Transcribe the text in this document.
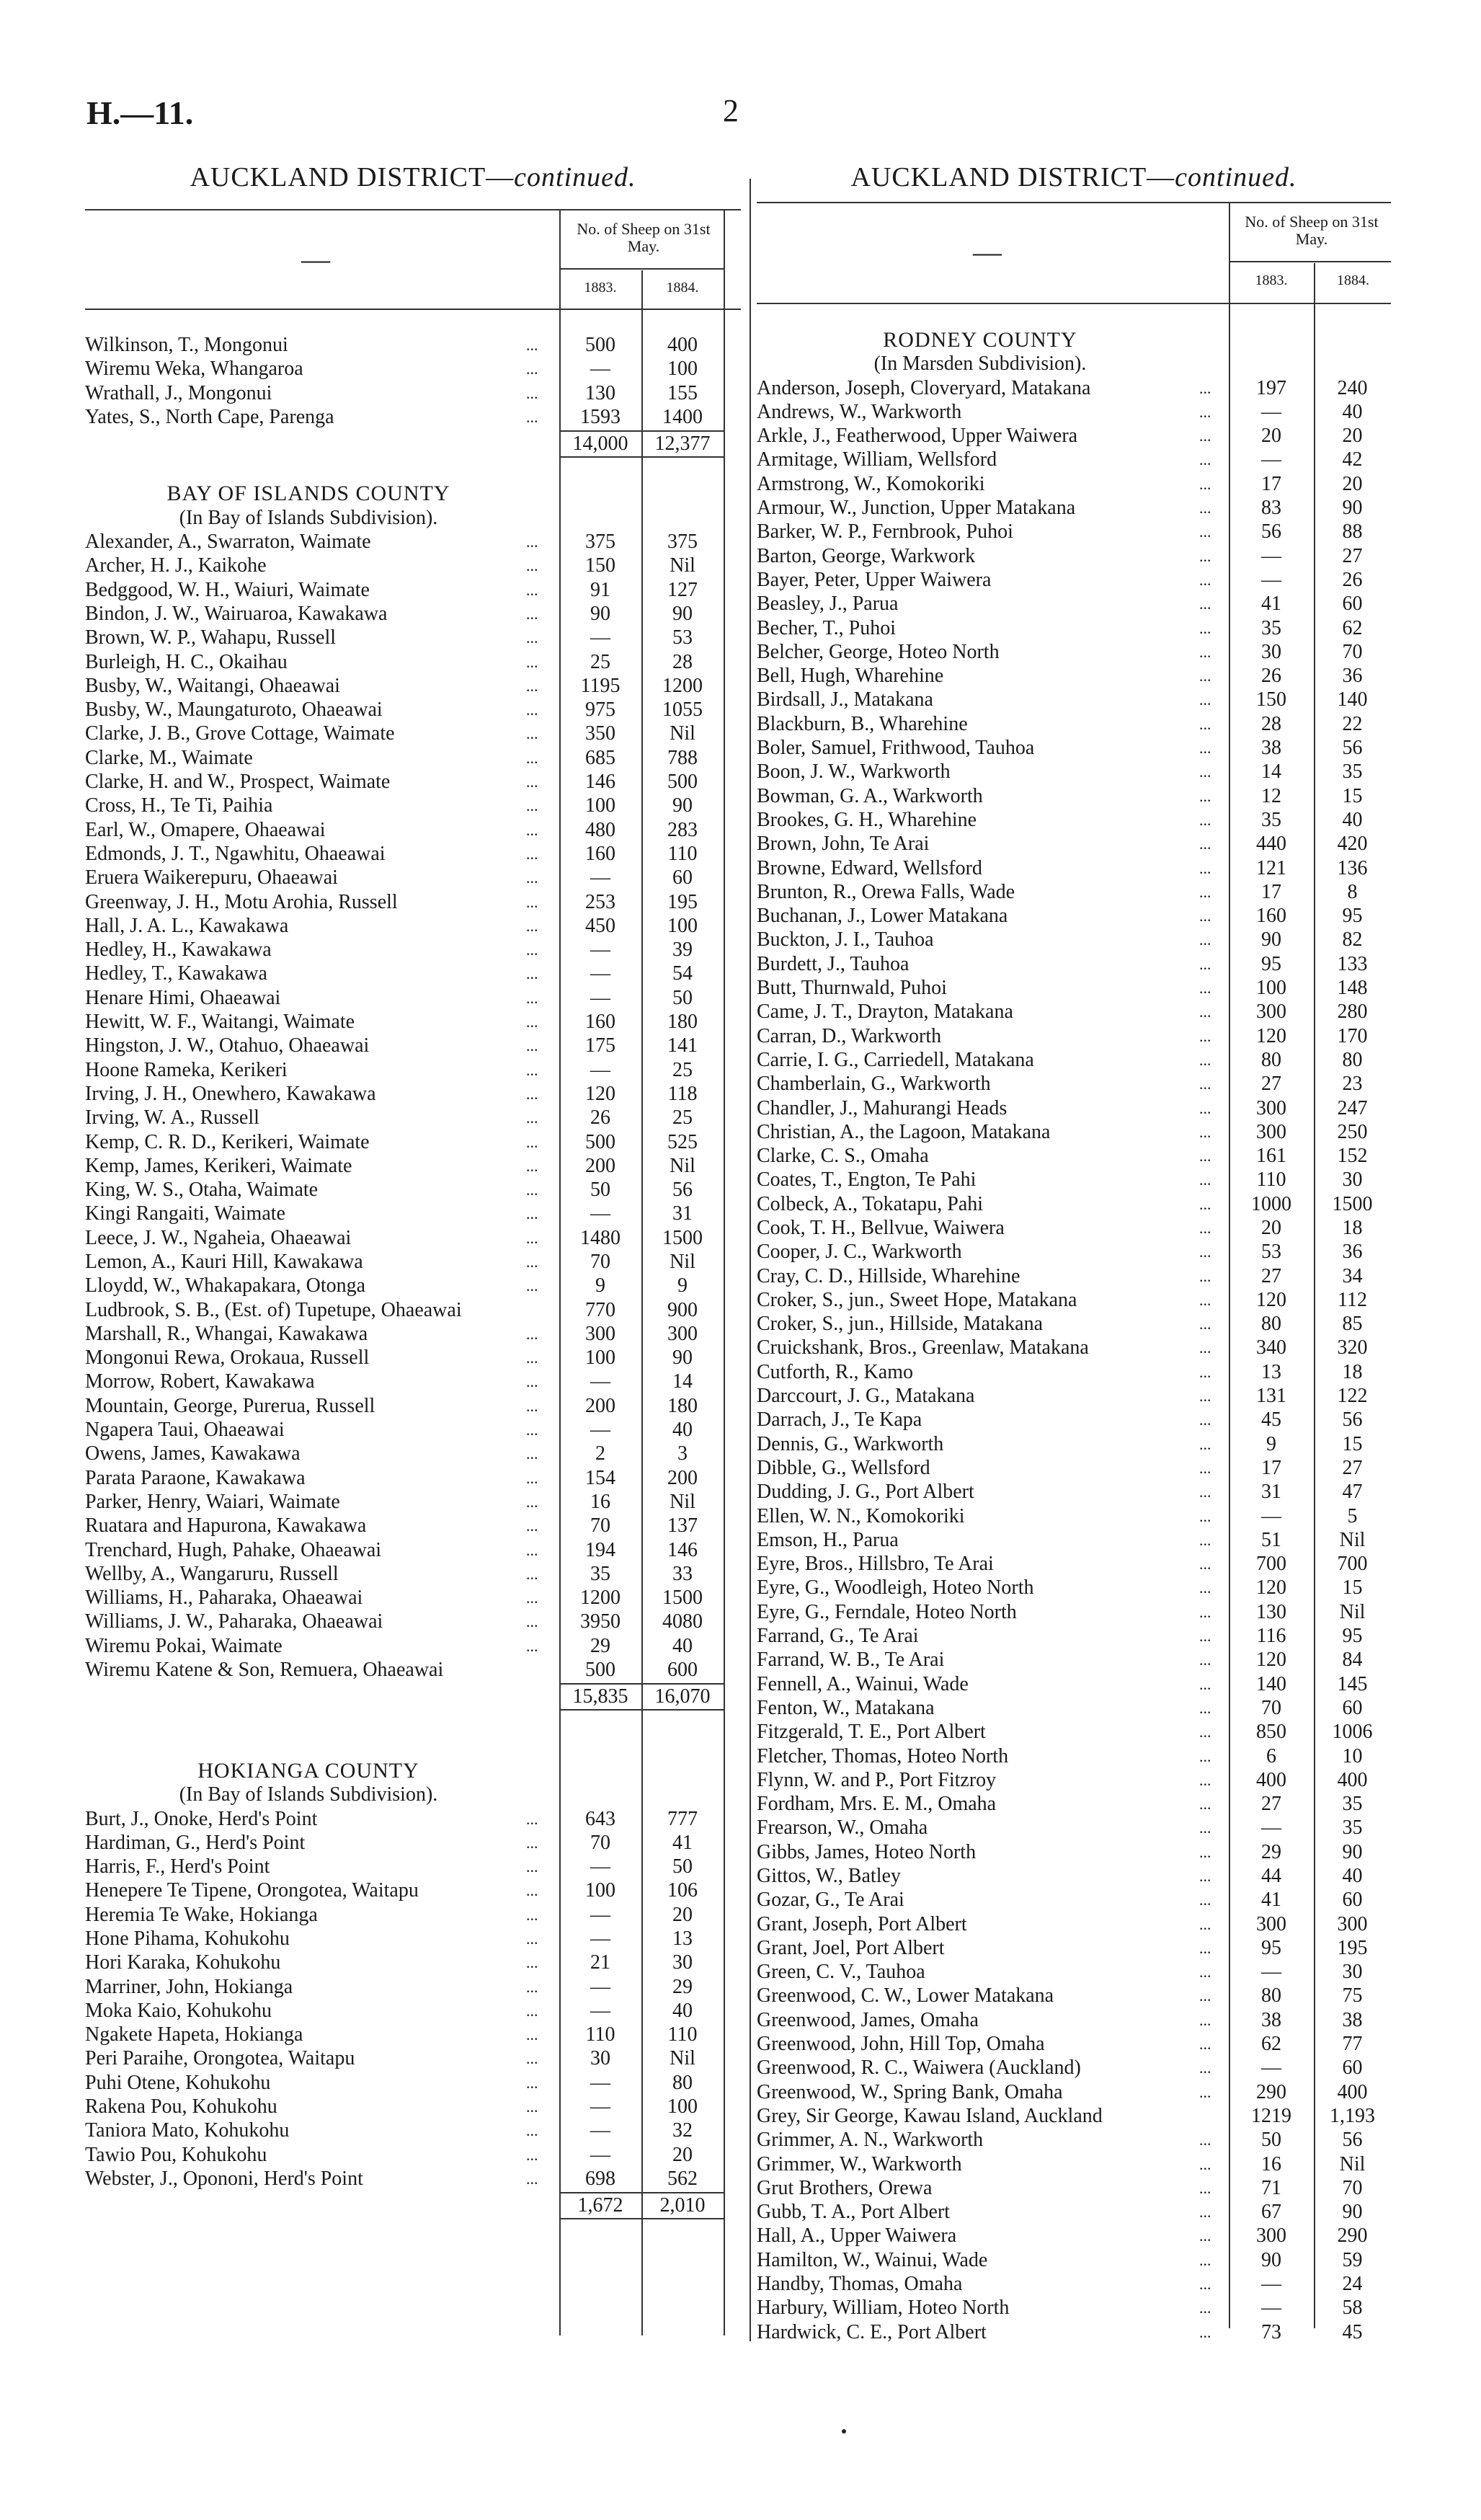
H.—11.	2
AUCKLAND DISTRICT—continued.
No. of Sheep on 31st May.
—
1883.	1884.
Wilkinson, T., Mongonui	...	500	400
Wiremu Weka, Whangaroa	...	—	100
Wrathall, J., Mongonui	...	130	155
Yates, S., North Cape, Parenga	...	1593	1400
14,000	12,377
BAY OF ISLANDS COUNTY
(In Bay of Islands Subdivision).
Alexander, A., Swarraton, Waimate	...	375	375
Archer, H. J., Kaikohe	...	150	Nil
Bedggood, W. H., Waiuri, Waimate	...	91	127
Bindon, J. W., Wairuaroa, Kawakawa	...	90	90
Brown, W. P., Wahapu, Russell	...	—	53
Burleigh, H. C., Okaihau	...	25	28
Busby, W., Waitangi, Ohaeawai	...	1195	1200
Busby, W., Maungaturoto, Ohaeawai	...	975	1055
Clarke, J. B., Grove Cottage, Waimate	...	350	Nil
Clarke, M., Waimate	...	685	788
Clarke, H. and W., Prospect, Waimate	...	146	500
Cross, H., Te Ti, Paihia	...	100	90
Earl, W., Omapere, Ohaeawai	...	480	283
Edmonds, J. T., Ngawhitu, Ohaeawai	...	160	110
Eruera Waikerepuru, Ohaeawai	...	—	60
Greenway, J. H., Motu Arohia, Russell	...	253	195
Hall, J. A. L., Kawakawa	...	450	100
Hedley, H., Kawakawa	...	—	39
Hedley, T., Kawakawa	...	—	54
Henare Himi, Ohaeawai	...	—	50
Hewitt, W. F., Waitangi, Waimate	...	160	180
Hingston, J. W., Otahuo, Ohaeawai	...	175	141
Hoone Rameka, Kerikeri	...	—	25
Irving, J. H., Onewhero, Kawakawa	...	120	118
Irving, W. A., Russell	...	26	25
Kemp, C. R. D., Kerikeri, Waimate	...	500	525
Kemp, James, Kerikeri, Waimate	...	200	Nil
King, W. S., Otaha, Waimate	...	50	56
Kingi Rangaiti, Waimate	...	—	31
Leece, J. W., Ngaheia, Ohaeawai	...	1480	1500
Lemon, A., Kauri Hill, Kawakawa	...	70	Nil
Lloydd, W., Whakapakara, Otonga	...	9	9
Ludbrook, S. B., (Est. of) Tupetupe, Ohaeawai	770	900
Marshall, R., Whangai, Kawakawa	...	300	300
Mongonui Rewa, Orokaua, Russell	...	100	90
Morrow, Robert, Kawakawa	...	—	14
Mountain, George, Purerua, Russell	...	200	180
Ngapera Taui, Ohaeawai	...	—	40
Owens, James, Kawakawa	...	2	3
Parata Paraone, Kawakawa	...	154	200
Parker, Henry, Waiari, Waimate	...	16	Nil
Ruatara and Hapurona, Kawakawa	...	70	137
Trenchard, Hugh, Pahake, Ohaeawai	...	194	146
Wellby, A., Wangaruru, Russell	...	35	33
Williams, H., Paharaka, Ohaeawai	...	1200	1500
Williams, J. W., Paharaka, Ohaeawai	...	3950	4080
Wiremu Pokai, Waimate	...	29	40
Wiremu Katene & Son, Remuera, Ohaeawai	500	600
15,835	16,070
HOKIANGA COUNTY
(In Bay of Islands Subdivision).
Burt, J., Onoke, Herd's Point	...	643	777
Hardiman, G., Herd's Point	...	70	41
Harris, F., Herd's Point	...	—	50
Henepere Te Tipene, Orongotea, Waitapu	...	100	106
Heremia Te Wake, Hokianga	...	—	20
Hone Pihama, Kohukohu	...	—	13
Hori Karaka, Kohukohu	...	21	30
Marriner, John, Hokianga	...	—	29
Moka Kaio, Kohukohu	...	—	40
Ngakete Hapeta, Hokianga	...	110	110
Peri Paraihe, Orongotea, Waitapu	...	30	Nil
Puhi Otene, Kohukohu	...	—	80
Rakena Pou, Kohukohu	...	—	100
Taniora Mato, Kohukohu	...	—	32
Tawio Pou, Kohukohu	...	—	20
Webster, J., Opononi, Herd's Point	...	698	562
1,672	2,010
AUCKLAND DISTRICT—continued.
No. of Sheep on 31st May.
—
1883.	1884.
RODNEY COUNTY
(In Marsden Subdivision).
Anderson, Joseph, Cloveryard, Matakana	...	197	240
Andrews, W., Warkworth	...	—	40
Arkle, J., Featherwood, Upper Waiwera	...	20	20
Armitage, William, Wellsford	...	—	42
Armstrong, W., Komokoriki	...	17	20
Armour, W., Junction, Upper Matakana	...	83	90
Barker, W. P., Fernbrook, Puhoi	...	56	88
Barton, George, Warkwork	...	—	27
Bayer, Peter, Upper Waiwera	...	—	26
Beasley, J., Parua	...	41	60
Becher, T., Puhoi	...	35	62
Belcher, George, Hoteo North	...	30	70
Bell, Hugh, Wharehine	...	26	36
Birdsall, J., Matakana	...	150	140
Blackburn, B., Wharehine	...	28	22
Boler, Samuel, Frithwood, Tauhoa	...	38	56
Boon, J. W., Warkworth	...	14	35
Bowman, G. A., Warkworth	...	12	15
Brookes, G. H., Wharehine	...	35	40
Brown, John, Te Arai	...	440	420
Browne, Edward, Wellsford	...	121	136
Brunton, R., Orewa Falls, Wade	...	17	8
Buchanan, J., Lower Matakana	...	160	95
Buckton, J. I., Tauhoa	...	90	82
Burdett, J., Tauhoa	...	95	133
Butt, Thurnwald, Puhoi	...	100	148
Came, J. T., Drayton, Matakana	...	300	280
Carran, D., Warkworth	...	120	170
Carrie, I. G., Carriedell, Matakana	...	80	80
Chamberlain, G., Warkworth	...	27	23
Chandler, J., Mahurangi Heads	...	300	247
Christian, A., the Lagoon, Matakana	...	300	250
Clarke, C. S., Omaha	...	161	152
Coates, T., Engton, Te Pahi	...	110	30
Colbeck, A., Tokatapu, Pahi	...	1000	1500
Cook, T. H., Bellvue, Waiwera	...	20	18
Cooper, J. C., Warkworth	...	53	36
Cray, C. D., Hillside, Wharehine	...	27	34
Croker, S., jun., Sweet Hope, Matakana	...	120	112
Croker, S., jun., Hillside, Matakana	...	80	85
Cruickshank, Bros., Greenlaw, Matakana	...	340	320
Cutforth, R., Kamo	...	13	18
Darccourt, J. G., Matakana	...	131	122
Darrach, J., Te Kapa	...	45	56
Dennis, G., Warkworth	...	9	15
Dibble, G., Wellsford	...	17	27
Dudding, J. G., Port Albert	...	31	47
Ellen, W. N., Komokoriki	...	—	5
Emson, H., Parua	...	51	Nil
Eyre, Bros., Hillsbro, Te Arai	...	700	700
Eyre, G., Woodleigh, Hoteo North	...	120	15
Eyre, G., Ferndale, Hoteo North	...	130	Nil
Farrand, G., Te Arai	...	116	95
Farrand, W. B., Te Arai	...	120	84
Fennell, A., Wainui, Wade	...	140	145
Fenton, W., Matakana	...	70	60
Fitzgerald, T. E., Port Albert	...	850	1006
Fletcher, Thomas, Hoteo North	...	6	10
Flynn, W. and P., Port Fitzroy	...	400	400
Fordham, Mrs. E. M., Omaha	...	27	35
Frearson, W., Omaha	...	—	35
Gibbs, James, Hoteo North	...	29	90
Gittos, W., Batley	...	44	40
Gozar, G., Te Arai	...	41	60
Grant, Joseph, Port Albert	...	300	300
Grant, Joel, Port Albert	...	95	195
Green, C. V., Tauhoa	...	—	30
Greenwood, C. W., Lower Matakana	...	80	75
Greenwood, James, Omaha	...	38	38
Greenwood, John, Hill Top, Omaha	...	62	77
Greenwood, R. C., Waiwera (Auckland)	...	—	60
Greenwood, W., Spring Bank, Omaha	...	290	400
Grey, Sir George, Kawau Island, Auckland	1219	1,193
Grimmer, A. N., Warkworth	...	50	56
Grimmer, W., Warkworth	...	16	Nil
Grut Brothers, Orewa	...	71	70
Gubb, T. A., Port Albert	...	67	90
Hall, A., Upper Waiwera	...	300	290
Hamilton, W., Wainui, Wade	...	90	59
Handby, Thomas, Omaha	...	—	24
Harbury, William, Hoteo North	...	—	58
Hardwick, C. E., Port Albert	...	73	45
